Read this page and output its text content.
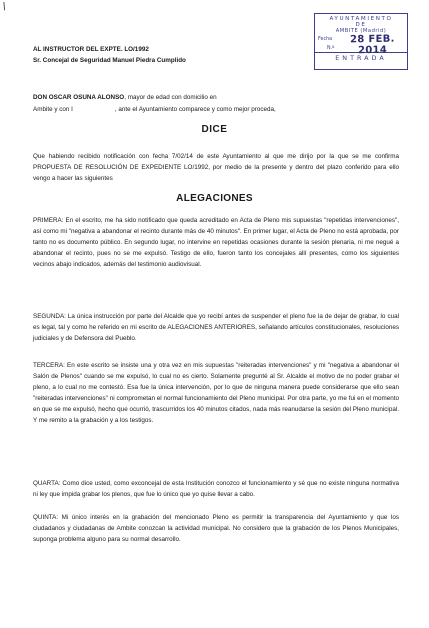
/
AYUNTAMIENTO
DE
AMBITE (Madrid)
Fecha	28 FEB. 2014
N.º
ENTRADA
AL INSTRUCTOR DEL EXPTE. LO/1992
Sr. Concejal de Seguridad Manuel Piedra Cumplido
DON OSCAR OSUNA ALONSO, mayor de edad con domicilio en
Ambite y con I                        , ante el Ayuntamiento comparece y como mejor proceda,
DICE

Que habiendo recibido notificación con fecha 7/02/14 de este Ayuntamiento al que me dirijo por la que se me confirma PROPUESTA DE RESOLUCIÓN DE EXPEDIENTE LO/1992, por medio de la presente y dentro del plazo conferido para ello vengo a hacer las siguientes

ALEGACIONES

PRIMERA: En el escrito, me ha sido notificado que queda acreditado en Acta de Pleno mis supuestas "repetidas intervenciones", así como mi "negativa a abandonar el recinto durante más de 40 minutos". En primer lugar, el Acta de Pleno no está aprobada, por tanto no es documento público. En segundo lugar, no intervine en repetidas ocasiones durante la sesión plenaria, ni me negué a abandonar el recinto, pues no se me expulsó. Testigo de ello, fueron tanto los concejales allí presentes, como los siguientes vecinos abajo indicados, además del testimonio audiovisual.

SEGUNDA: La única instrucción por parte del Alcalde que yo recibí antes de suspender el pleno fue la de dejar de grabar, lo cual es legal, tal y como he referido en mi escrito de ALEGACIONES ANTERIORES, señalando artículos constitucionales, resoluciones judiciales y de Defensora del Pueblo.

TERCERA: En este escrito se insiste una y otra vez en mis supuestas "reiteradas intervenciones" y mi "negativa a abandonar el Salón de Plenos" cuando se me expulsó, lo cual no es cierto. Solamente pregunté al Sr. Alcalde el motivo de no poder grabar el pleno, a lo cual no me contestó. Esa fue la única intervención, por lo que de ninguna manera puede considerarse que ello sean "reiteradas intervenciones" ni comprometan el normal funcionamiento del Pleno municipal. Por otra parte, yo me fui en el momento en que se me expulsó, hecho que ocurrió, trascurridos los 40 minutos citados, nada más reanudarse la sesión del Pleno municipal. Y me remito a la grabación y a los testigos.

QUARTA: Como dice usted, como exconcejal de esta Institución conozco el funcionamiento y sé que no existe ninguna normativa ni ley que impida grabar los plenos, que fue lo único que yo quise llevar a cabo.

QUINTA: Mi único interés en la grabación del mencionado Pleno es permitir la transparencia del Ayuntamiento y que los ciudadanos y ciudadanas de Ambite conozcan la actividad municipal. No considero que la grabación de los Plenos Municipales, suponga problema alguno para su normal desarrollo.
